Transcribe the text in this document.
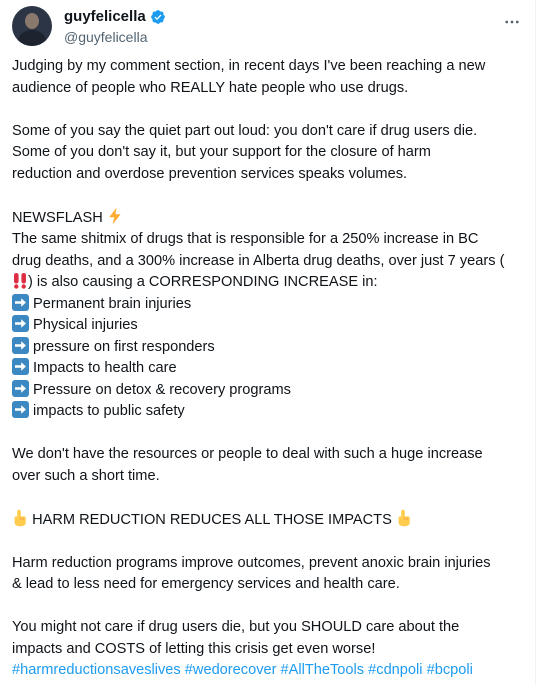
guyfelicella
@guyfelicella
Judging by my comment section, in recent days I've been reaching a new
audience of people who REALLY hate people who use drugs.
Some of you say the quiet part out loud: you don't care if drug users die.
Some of you don't say it, but your support for the closure of harm
reduction and overdose prevention services speaks volumes.
NEWSFLASH
The same shitmix of drugs that is responsible for a 250% increase in BC
drug deaths, and a 300% increase in Alberta drug deaths, over just 7 years (
) is also causing a CORRESPONDING INCREASE in:
Permanent brain injuries
Physical injuries
pressure on first responders
Impacts to health care
Pressure on detox & recovery programs
impacts to public safety
We don't have the resources or people to deal with such a huge increase
over such a short time.
HARM REDUCTION REDUCES ALL THOSE IMPACTS
Harm reduction programs improve outcomes, prevent anoxic brain injuries
& lead to less need for emergency services and health care.
You might not care if drug users die, but you SHOULD care about the
impacts and COSTS of letting this crisis get even worse!
#harmreductionsaveslives #wedorecover #AllTheTools #cdnpoli #bcpoli
